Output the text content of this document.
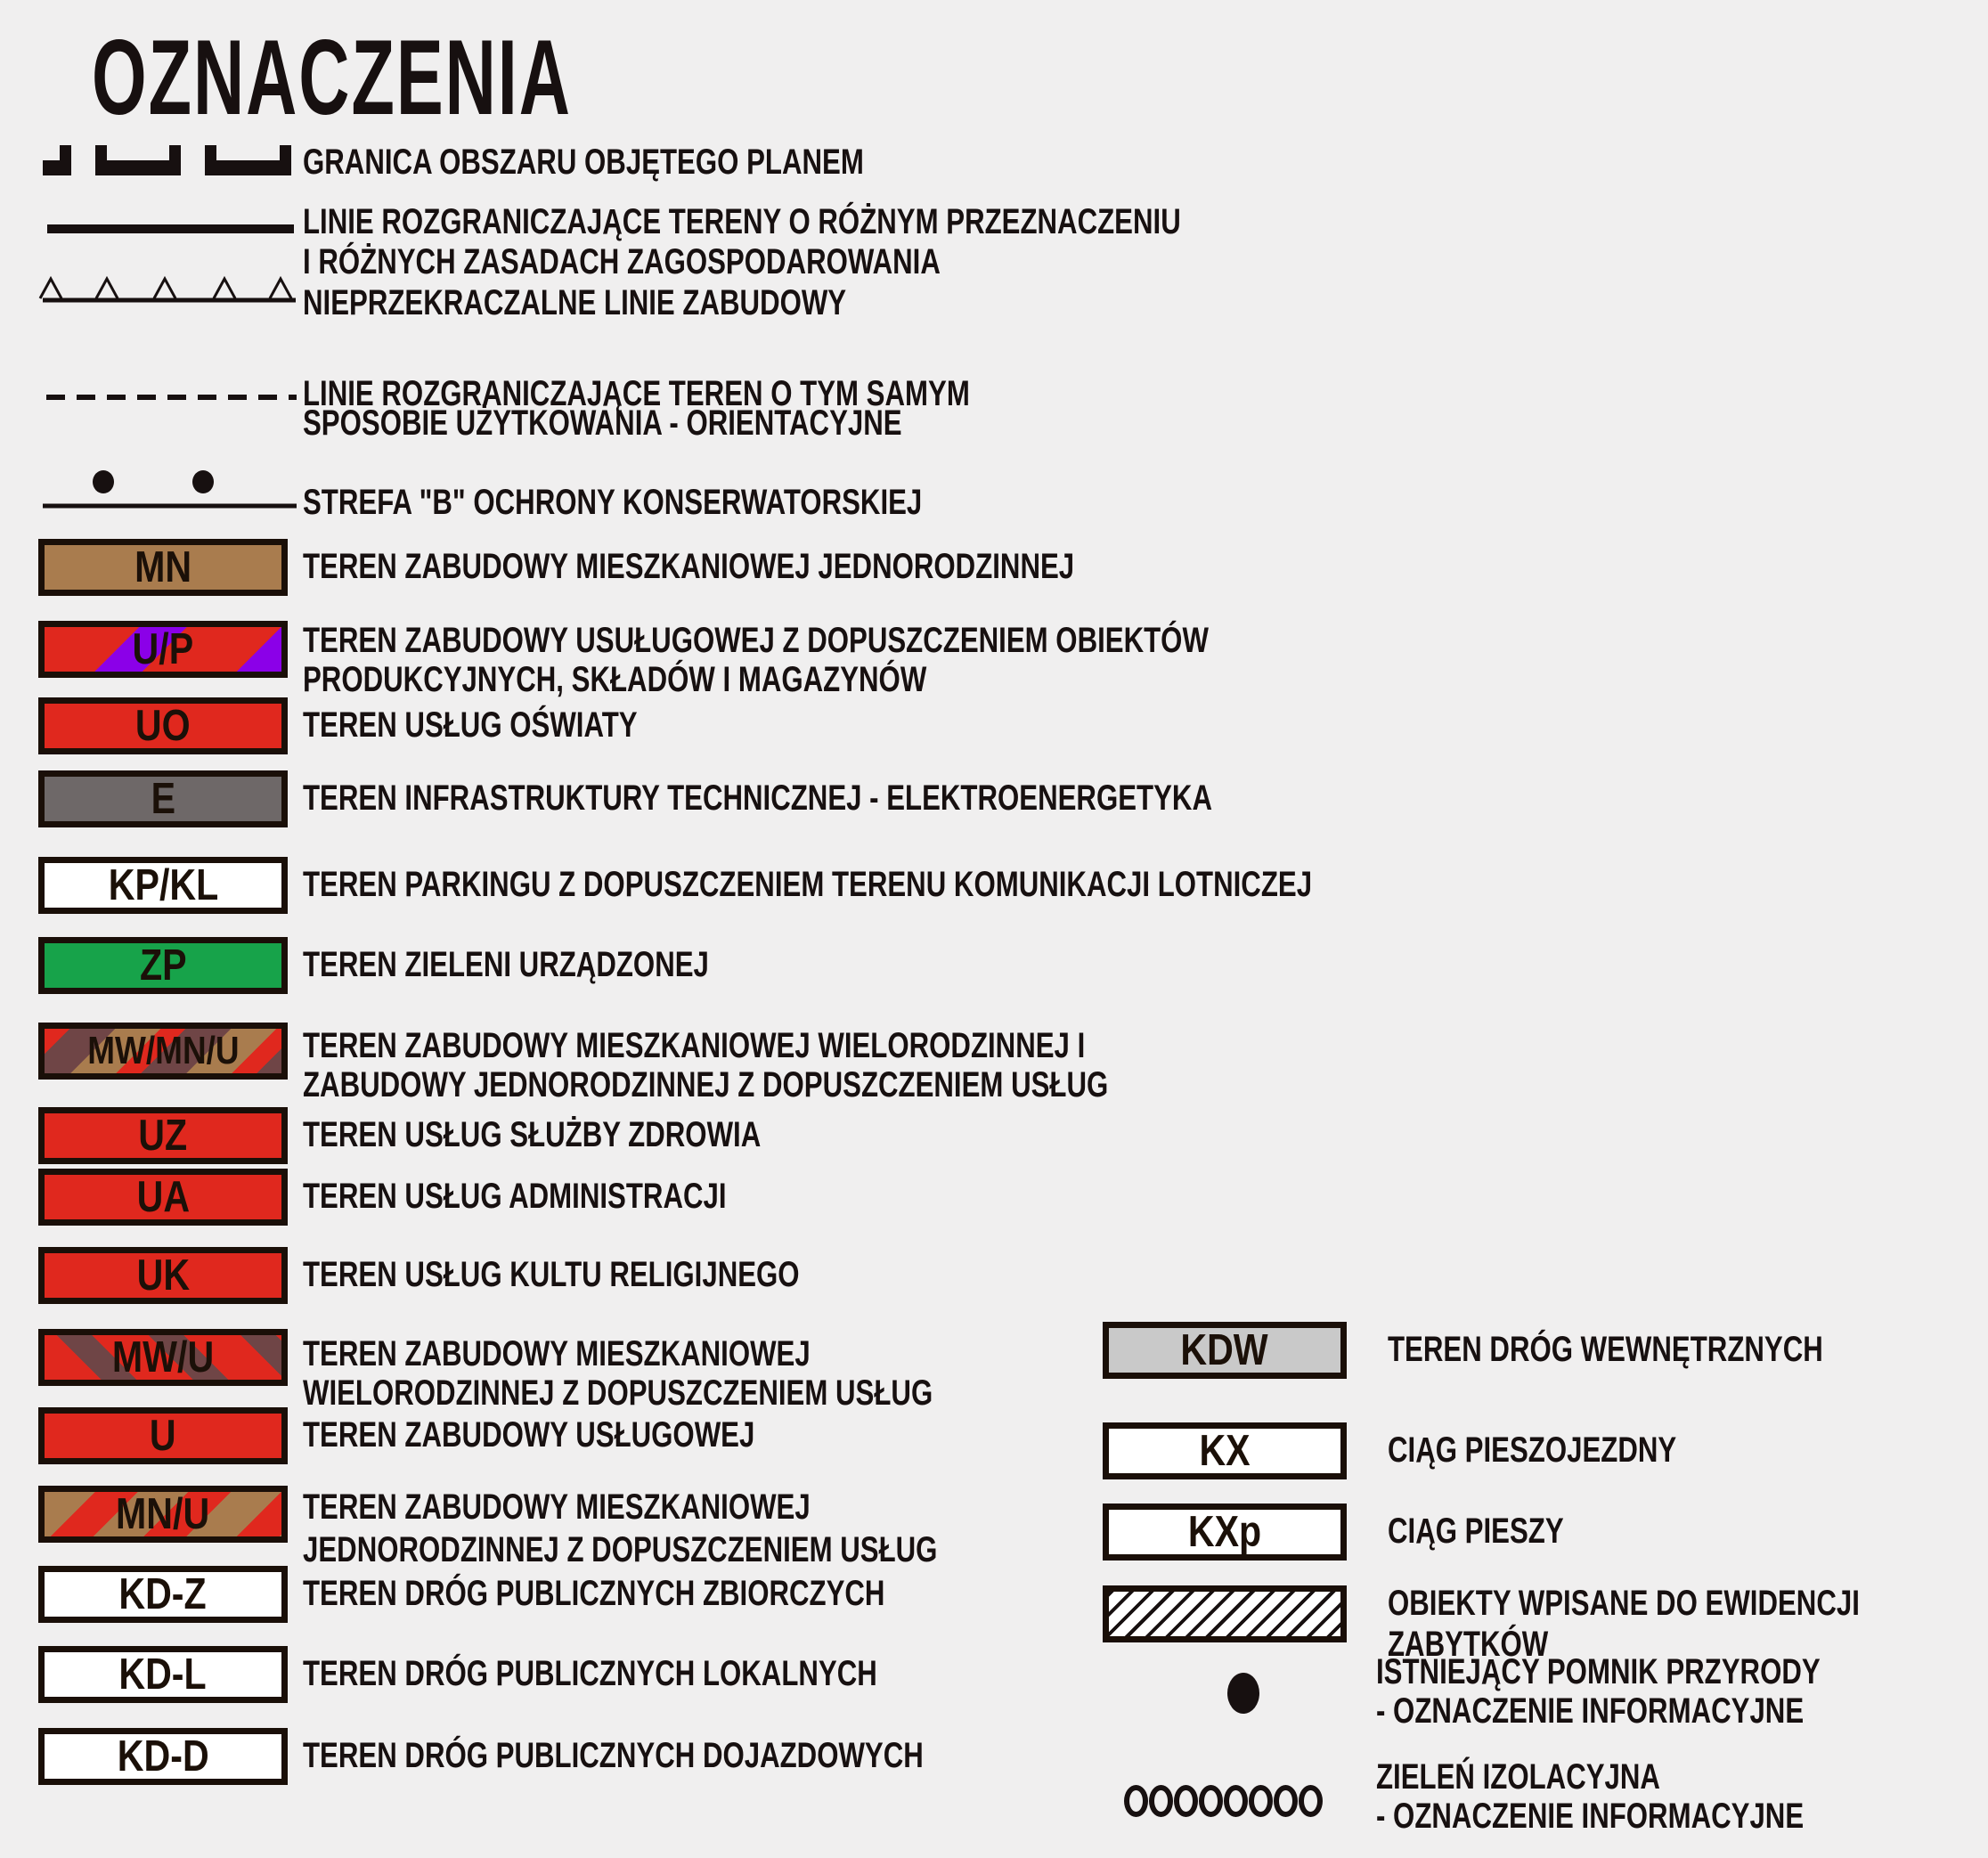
OZNACZENIA
GRANICA OBSZARU OBJĘTEGO PLANEM
LINIE ROZGRANICZAJĄCE TERENY O RÓŻNYM PRZEZNACZENIU
I RÓŻNYCH ZASADACH ZAGOSPODAROWANIA
NIEPRZEKRACZALNE LINIE ZABUDOWY
LINIE ROZGRANICZAJĄCE TEREN O TYM SAMYM
SPOSOBIE UŻYTKOWANIA - ORIENTACYJNE
STREFA "B" OCHRONY KONSERWATORSKIEJ
MN	TEREN ZABUDOWY MIESZKANIOWEJ JEDNORODZINNEJ
U/P	TEREN ZABUDOWY USUŁUGOWEJ Z DOPUSZCZENIEM OBIEKTÓW
PRODUKCYJNYCH, SKŁADÓW I MAGAZYNÓW
UO	TEREN USŁUG OŚWIATY
E	TEREN INFRASTRUKTURY TECHNICZNEJ - ELEKTROENERGETYKA
KP/KL TEREN PARKINGU Z DOPUSZCZENIEM TERENU KOMUNIKACJI LOTNICZEJ
ZP	TEREN ZIELENI URZĄDZONEJ
MW/MN/U TEREN ZABUDOWY MIESZKANIOWEJ WIELORODZINNEJ I
ZABUDOWY JEDNORODZINNEJ Z DOPUSZCZENIEM USŁUG
UZ	TEREN USŁUG SŁUŻBY ZDROWIA
UA	TEREN USŁUG ADMINISTRACJI
UK	TEREN USŁUG KULTU RELIGIJNEGO
MW/U TEREN ZABUDOWY MIESZKANIOWEJ
WIELORODZINNEJ Z DOPUSZCZENIEM USŁUG
U	TEREN ZABUDOWY USŁUGOWEJ
MN/U	TEREN ZABUDOWY MIESZKANIOWEJ
JEDNORODZINNEJ Z DOPUSZCZENIEM USŁUG
KD-Z	TEREN DRÓG PUBLICZNYCH ZBIORCZYCH
KD-L	TEREN DRÓG PUBLICZNYCH LOKALNYCH
KD-D	TEREN DRÓG PUBLICZNYCH DOJAZDOWYCH
KDW	TEREN DRÓG WEWNĘTRZNYCH
KX	CIĄG PIESZOJEZDNY
KXp	CIĄG PIESZY
OBIEKTY WPISANE DO EWIDENCJI
ZABYTKÓW
ISTNIEJĄCY POMNIK PRZYRODY
- OZNACZENIE INFORMACYJNE
ZIELEŃ IZOLACYJNA
- OZNACZENIE INFORMACYJNE
